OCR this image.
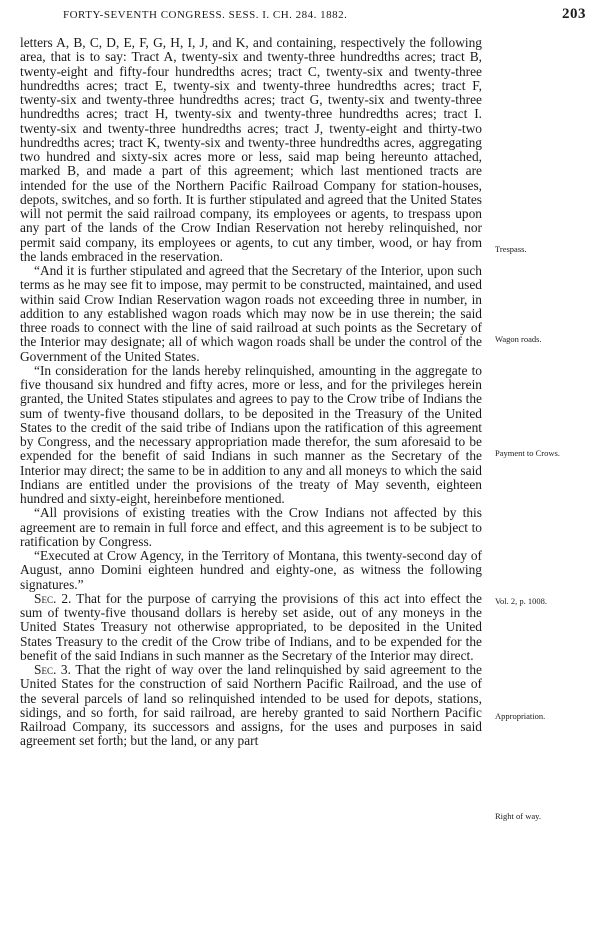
FORTY-SEVENTH CONGRESS. SESS. I. CH. 284. 1882.	203

letters A, B, C, D, E, F, G, H, I, J, and K, and containing, respectively the following area, that is to say: Tract A, twenty-six and twenty-three hundredths acres; tract B, twenty-eight and fifty-four hundredths acres; tract C, twenty-six and twenty-three hundredths acres; tract E, twenty-six and twenty-three hundredths acres; tract F, twenty-six and twenty-three hundredths acres; tract G, twenty-six and twenty-three hundredths acres; tract H, twenty-six and twenty-three hundredths acres; tract I. twenty-six and twenty-three hundredths acres; tract J, twenty-eight and thirty-two hundredths acres; tract K, twenty-six and twenty-three hundredths acres, aggregating two hundred and sixty-six acres more or less, said map being hereunto attached, marked B, and made a part of this agreement; which last mentioned tracts are intended for the use of the Northern Pacific Railroad Company for station-houses, depots, switches, and so forth. It is further stipulated and agreed that the United States will not permit the said railroad company, its employees or agents, to trespass upon any part of the lands of the Crow Indian Reservation not hereby relinquished, nor permit said company, its employees or agents, to cut any timber, wood, or hay from the lands embraced in the reservation.

“And it is further stipulated and agreed that the Secretary of the Interior, upon such terms as he may see fit to impose, may permit to be constructed, maintained, and used within said Crow Indian Reservation wagon roads not exceeding three in number, in addition to any established wagon roads which may now be in use therein; the said three roads to connect with the line of said railroad at such points as the Secretary of the Interior may designate; all of which wagon roads shall be under the control of the Government of the United States.

“In consideration for the lands hereby relinquished, amounting in the aggregate to five thousand six hundred and fifty acres, more or less, and for the privileges herein granted, the United States stipulates and agrees to pay to the Crow tribe of Indians the sum of twenty-five thousand dollars, to be deposited in the Treasury of the United States to the credit of the said tribe of Indians upon the ratification of this agreement by Congress, and the necessary appropriation made therefor, the sum aforesaid to be expended for the benefit of said Indians in such manner as the Secretary of the Interior may direct; the same to be in addition to any and all moneys to which the said Indians are entitled under the provisions of the treaty of May seventh, eighteen hundred and sixty-eight, hereinbefore mentioned.

“All provisions of existing treaties with the Crow Indians not affected by this agreement are to remain in full force and effect, and this agreement is to be subject to ratification by Congress.

“Executed at Crow Agency, in the Territory of Montana, this twenty-second day of August, anno Domini eighteen hundred and eighty-one, as witness the following signatures.”

Sec. 2. That for the purpose of carrying the provisions of this act into effect the sum of twenty-five thousand dollars is hereby set aside, out of any moneys in the United States Treasury not otherwise appropriated, to be deposited in the United States Treasury to the credit of the Crow tribe of Indians, and to be expended for the benefit of the said Indians in such manner as the Secretary of the Interior may direct.

Sec. 3. That the right of way over the land relinquished by said agreement to the United States for the construction of said Northern Pacific Railroad, and the use of the several parcels of land so relinquished intended to be used for depots, stations, sidings, and so forth, for said railroad, are hereby granted to said Northern Pacific Railroad Company, its successors and assigns, for the uses and purposes in said agreement set forth; but the land, or any part

Trespass.
Wagon roads.
Payment to Crows.
Vol. 2, p. 1008.
Appropriation.
Right of way.
